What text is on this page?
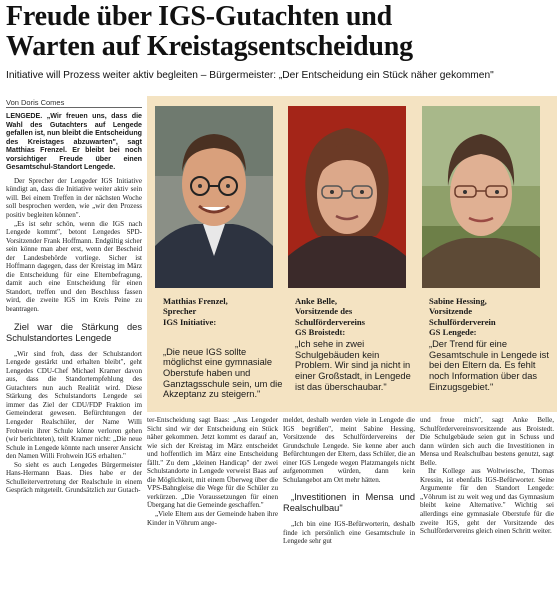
Freude über IGS-Gutachten und
Warten auf Kreistagsentscheidung
Initiative will Prozess weiter aktiv begleiten – Bürgermeister: „Der Entscheidung ein Stück näher gekommen"
Von Doris Comes

LENGEDE. „Wir freuen uns, dass die Wahl des Gutachters auf Lengede gefallen ist, nun bleibt die Entscheidung des Kreistages abzuwarten", sagt Matthias Frenzel. Er bleibt bei noch vorsichtiger Freude über einen Gesamtschul-Standort Lengede.

Der Sprecher der Lengeder IGS Initiative kündigt an, dass die Initiative weiter aktiv sein will. Bei einem Treffen in der nächsten Woche soll besprochen werden, wie „wir den Prozess positiv begleiten können".

„Es ist sehr schön, wenn die IGS nach Lengede kommt", betont Lengedes SPD-Vorsitzender Frank Hoffmann. Endgültig sicher sein könne man aber erst, wenn der Bescheid der Landesbehörde vorliege. Sicher ist Hoffmann dagegen, dass der Kreistag im März die Entscheidung für eine Elternbefragung, damit auch eine Entscheidung für einen Standort, treffen und den Beschluss fassen wird, die zweite IGS im Kreis Peine zu beantragen.

Ziel war die Stärkung des Schulstandortes Lengede

„Wir sind froh, dass der Schulstandort Lengede gestärkt und erhalten bleibt", geht Lengedes CDU-Chef Michael Kramer davon aus, dass die Standortempfehlung des Gutachters nun auch Realität wird. Diese Stärkung des Schulstandorts Lengede sei immer das Ziel der CDU/FDP Fraktion im Gemeinderat gewesen. Befürchtungen der Lengeder Realschüler, der Name Willi Frohwein ihrer Schule könne verloren gehen (wir berichteten), teilt Kramer nicht: „Die neue Schule in Lengede könnte nach unserer Ansicht den Namen Willi Frohwein IGS erhalten."

So sieht es auch Lengedes Bürgermeister Hans-Hermann Baas. Dies habe er der Schulleitervertretung der Realschule in einem Gespräch mitgeteilt. Grundsätzlich zur Gutach-

Matthias Frenzel,
Sprecher
IGS Initiative:
„Die neue IGS sollte möglichst eine gymnasiale Oberstufe haben und Ganztagsschule sein, um die Akzeptanz zu steigern."
Anke Belle,
Vorsitzende des
Schulfördervereins
GS Broistedt:
„Ich sehe in zwei Schulgebäuden kein Problem. Wir sind ja nicht in einer Großstadt, in Lengede ist das überschaubar."
Sabine Hessing,
Vorsitzende
Schulförderverein
GS Lengede:
„Der Trend für eine Gesamtschule in Lengede ist bei den Eltern da. Es fehlt noch Information über das Einzugsgebiet."

ter-Entscheidung sagt Baas: „Aus Lengeder Sicht sind wir der Entscheidung ein Stück näher gekommen. Jetzt kommt es darauf an, wie sich der Kreistag im März entscheidet und hoffentlich im März eine Entscheidung fällt." Zu dem „kleinen Handicap" der zwei Schulstandorte in Lengede verweist Baas auf die Möglichkeit, mit einem Überweg über die VPS-Bahngleise die Wege für die Schüler zu verkürzen. „Die Voraussetzungen für einen Übergang hat die Gemeinde geschaffen."

„Viele Eltern aus der Gemeinde haben ihre Kinder in Vöhrum ange-

meldet, deshalb werden viele in Lengede die IGS begrüßen", meint Sabine Hessing, Vorsitzende des Schulfördervereins der Grundschule Lengede. Sie kenne aber auch Befürchtungen der Eltern, dass Schüler, die an einer IGS Lengede wegen Platzmangels nicht aufgenommen würden, dann kein Schulangebot am Ort mehr hätten.

„Investitionen in Mensa und Realschulbau"

„Ich bin eine IGS-Befürworterin, deshalb finde ich persönlich eine Gesamtschule in Lengede sehr gut

und freue mich", sagt Anke Belle, Schulfördervereinsvorsitzende aus Broistedt. Die Schulgebäude seien gut in Schuss und dann würden sich auch die Investitionen in Mensa und Realschulbau bestens genutzt, sagt Belle.

Ihr Kollege aus Woltwiesche, Thomas Kressin, ist ebenfalls IGS-Befürworter. Seine Argumente für den Standort Lengede: „Vöhrum ist zu weit weg und das Gymnasium bleibt keine Alternative." Wichtig sei allerdings eine gymnasiale Oberstufe für die zweite IGS, geht der Vorsitzende des Schulfördervereins gleich einen Schritt weiter.
